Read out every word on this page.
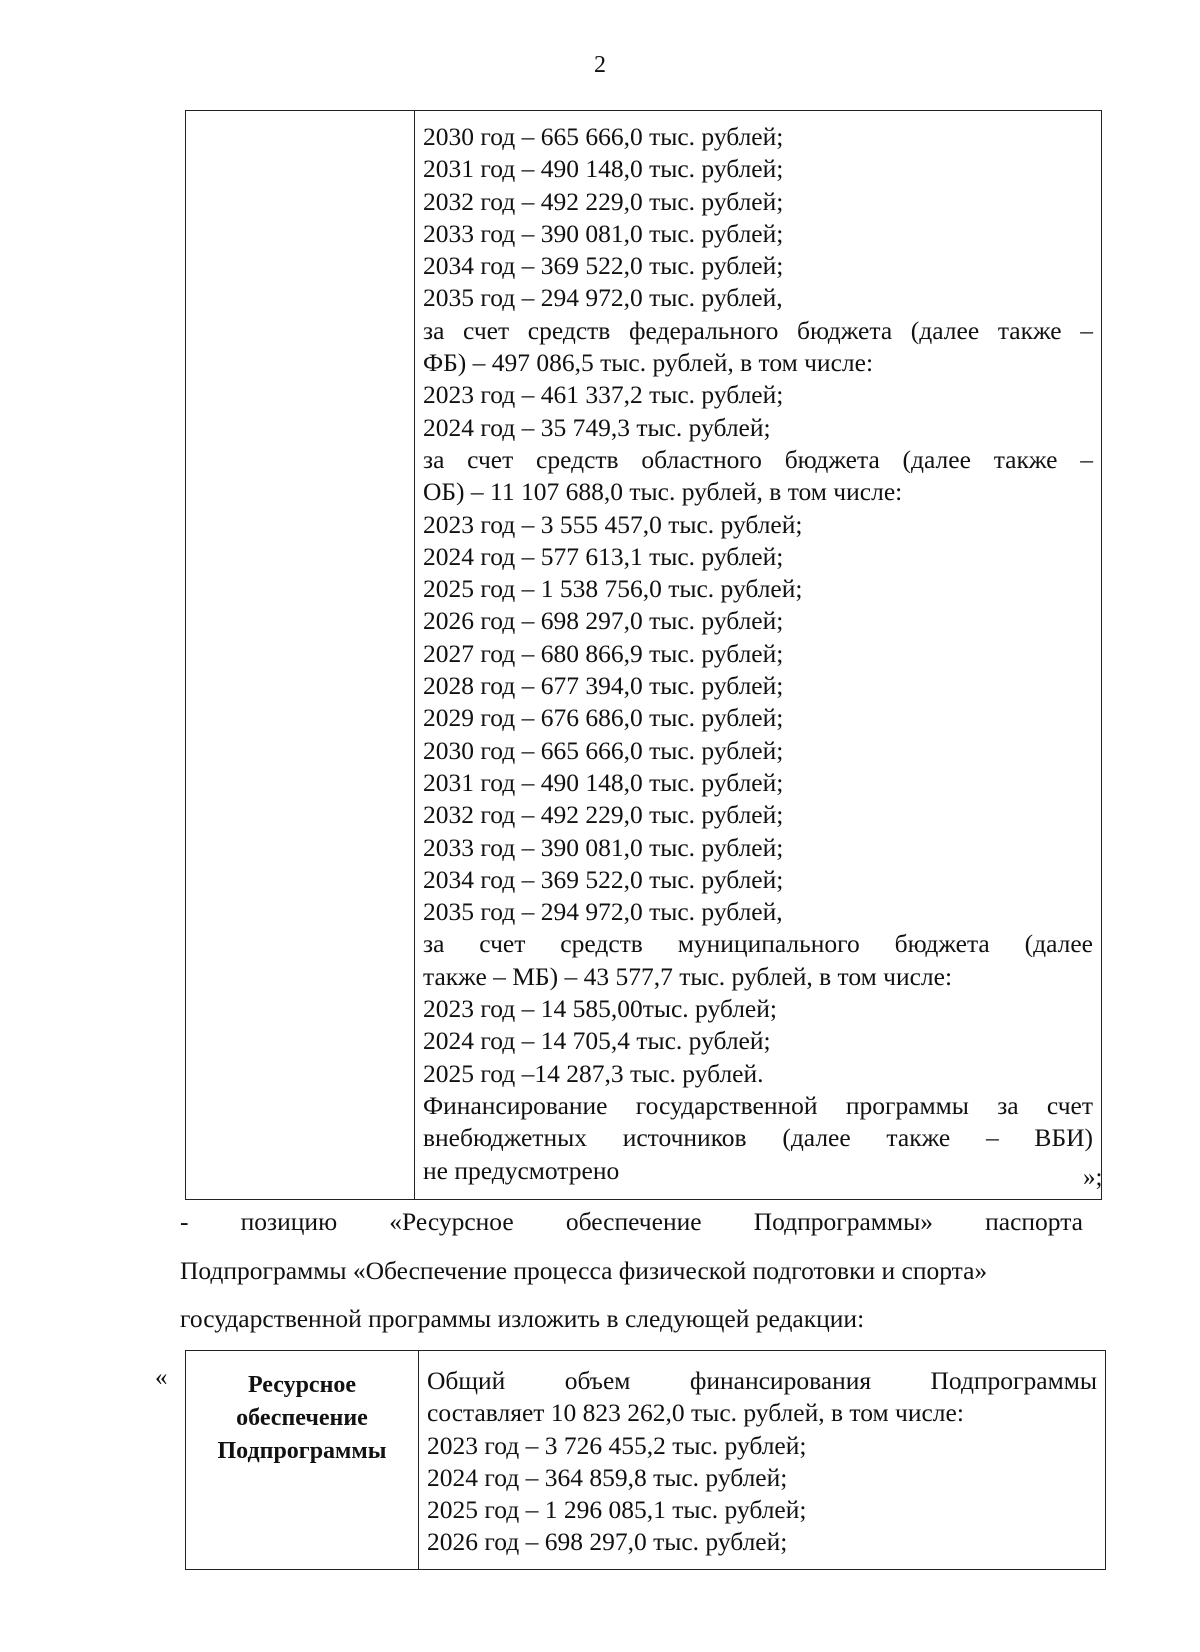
2

2030 год – 665 666,0 тыс. рублей;
2031 год – 490 148,0 тыс. рублей;
2032 год – 492 229,0 тыс. рублей;
2033 год – 390 081,0 тыс. рублей;
2034 год – 369 522,0 тыс. рублей;
2035 год – 294 972,0 тыс. рублей,
за счет средств федерального бюджета (далее также –
ФБ) – 497 086,5 тыс. рублей, в том числе:
2023 год – 461 337,2 тыс. рублей;
2024 год – 35 749,3 тыс. рублей;
за счет средств областного бюджета (далее также –
ОБ) – 11 107 688,0 тыс. рублей, в том числе:
2023 год – 3 555 457,0 тыс. рублей;
2024 год – 577 613,1 тыс. рублей;
2025 год – 1 538 756,0 тыс. рублей;
2026 год – 698 297,0 тыс. рублей;
2027 год – 680 866,9 тыс. рублей;
2028 год – 677 394,0 тыс. рублей;
2029 год – 676 686,0 тыс. рублей;
2030 год – 665 666,0 тыс. рублей;
2031 год – 490 148,0 тыс. рублей;
2032 год – 492 229,0 тыс. рублей;
2033 год – 390 081,0 тыс. рублей;
2034 год – 369 522,0 тыс. рублей;
2035 год – 294 972,0 тыс. рублей,
за счет средств муниципального бюджета (далее
также – МБ) – 43 577,7 тыс. рублей, в том числе:
2023 год – 14 585,00тыс. рублей;
2024 год – 14 705,4 тыс. рублей;
2025 год –14 287,3 тыс. рублей.
Финансирование государственной программы за счет
внебюджетных источников (далее также – ВБИ)
не предусмотрено	»;
- позицию «Ресурсное обеспечение Подпрограммы» паспорта
Подпрограммы «Обеспечение процесса физической подготовки и спорта»
государственной программы изложить в следующей редакции:
«	Ресурсное
обеспечение
Подпрограммы

Общий объем финансирования Подпрограммы
составляет 10 823 262,0 тыс. рублей, в том числе:
2023 год – 3 726 455,2 тыс. рублей;
2024 год – 364 859,8 тыс. рублей;
2025 год – 1 296 085,1 тыс. рублей;
2026 год – 698 297,0 тыс. рублей;
